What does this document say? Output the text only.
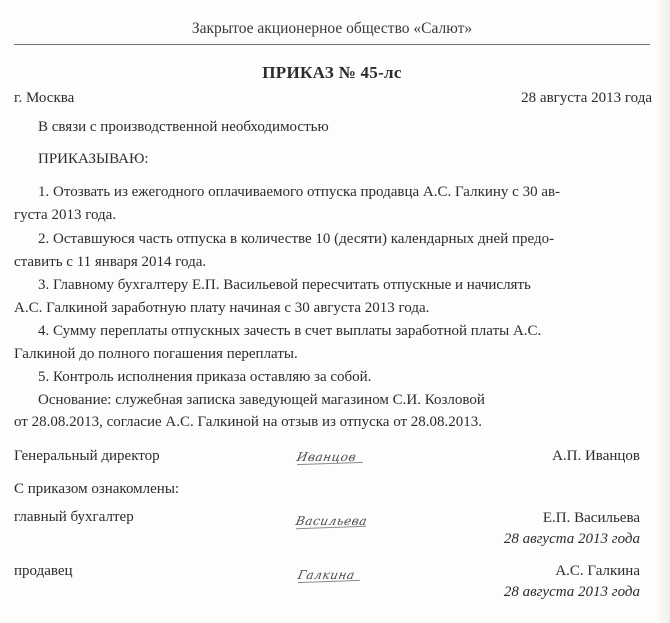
Закрытое акционерное общество «Салют»
ПРИКАЗ № 45-лс
г. Москва	28 августа 2013 года
В связи с производственной необходимостью
ПРИКАЗЫВАЮ:
1. Отозвать из ежегодного оплачиваемого отпуска продавца А.С. Галкину с 30 ав-
густа 2013 года.
2. Оставшуюся часть отпуска в количестве 10 (десяти) календарных дней предо-
ставить с 11 января 2014 года.
3. Главному бухгалтеру Е.П. Васильевой пересчитать отпускные и начислять
А.С. Галкиной заработную плату начиная с 30 августа 2013 года.
4. Сумму переплаты отпускных зачесть в счет выплаты заработной платы А.С.
Галкиной до полного погашения переплаты.
5. Контроль исполнения приказа оставляю за собой.
Основание: служебная записка заведующей магазином С.И. Козловой
от 28.08.2013, согласие А.С. Галкиной на отзыв из отпуска от 28.08.2013.
Генеральный директор	Иванцов	А.П. Иванцов
С приказом ознакомлены:
главный бухгалтер	Васильева	Е.П. Васильева
28 августа 2013 года
продавец	Галкина	А.С. Галкина
28 августа 2013 года
